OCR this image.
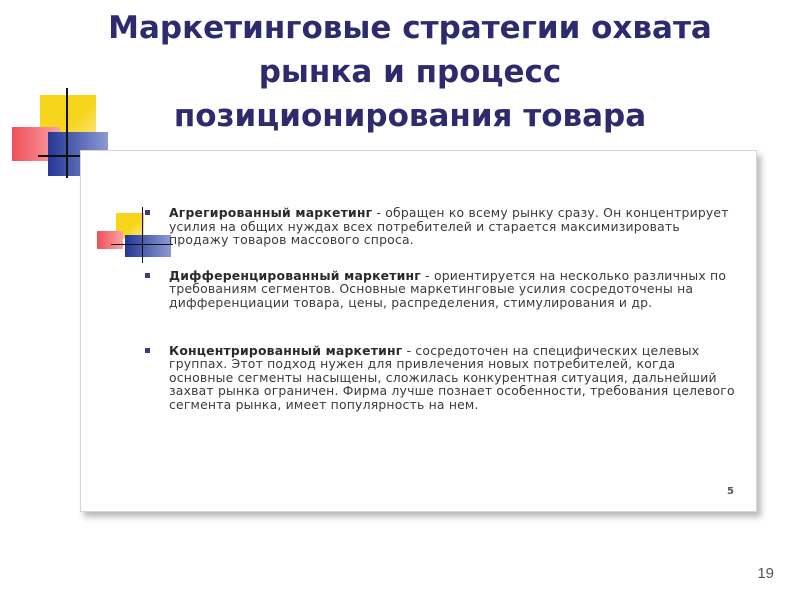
Маркетинговые стратегии охвата
рынка и процесс
позиционирования товара
Агрегированный маркетинг - обращен ко всему рынку сразу. Он концентрирует усилия на общих нуждах всех потребителей и старается максимизировать продажу товаров массового спроса.
Дифференцированный маркетинг - ориентируется на несколько различных по требованиям сегментов. Основные маркетинговые усилия сосредоточены на дифференциации товара, цены, распределения, стимулирования и др.
Концентрированный маркетинг - сосредоточен на специфических целевых группах. Этот подход нужен для привлечения новых потребителей, когда основные сегменты насыщены, сложилась конкурентная ситуация, дальнейший захват рынка ограничен. Фирма лучше познает особенности, требования целевого сегмента рынка, имеет популярность на нем.
5
19
